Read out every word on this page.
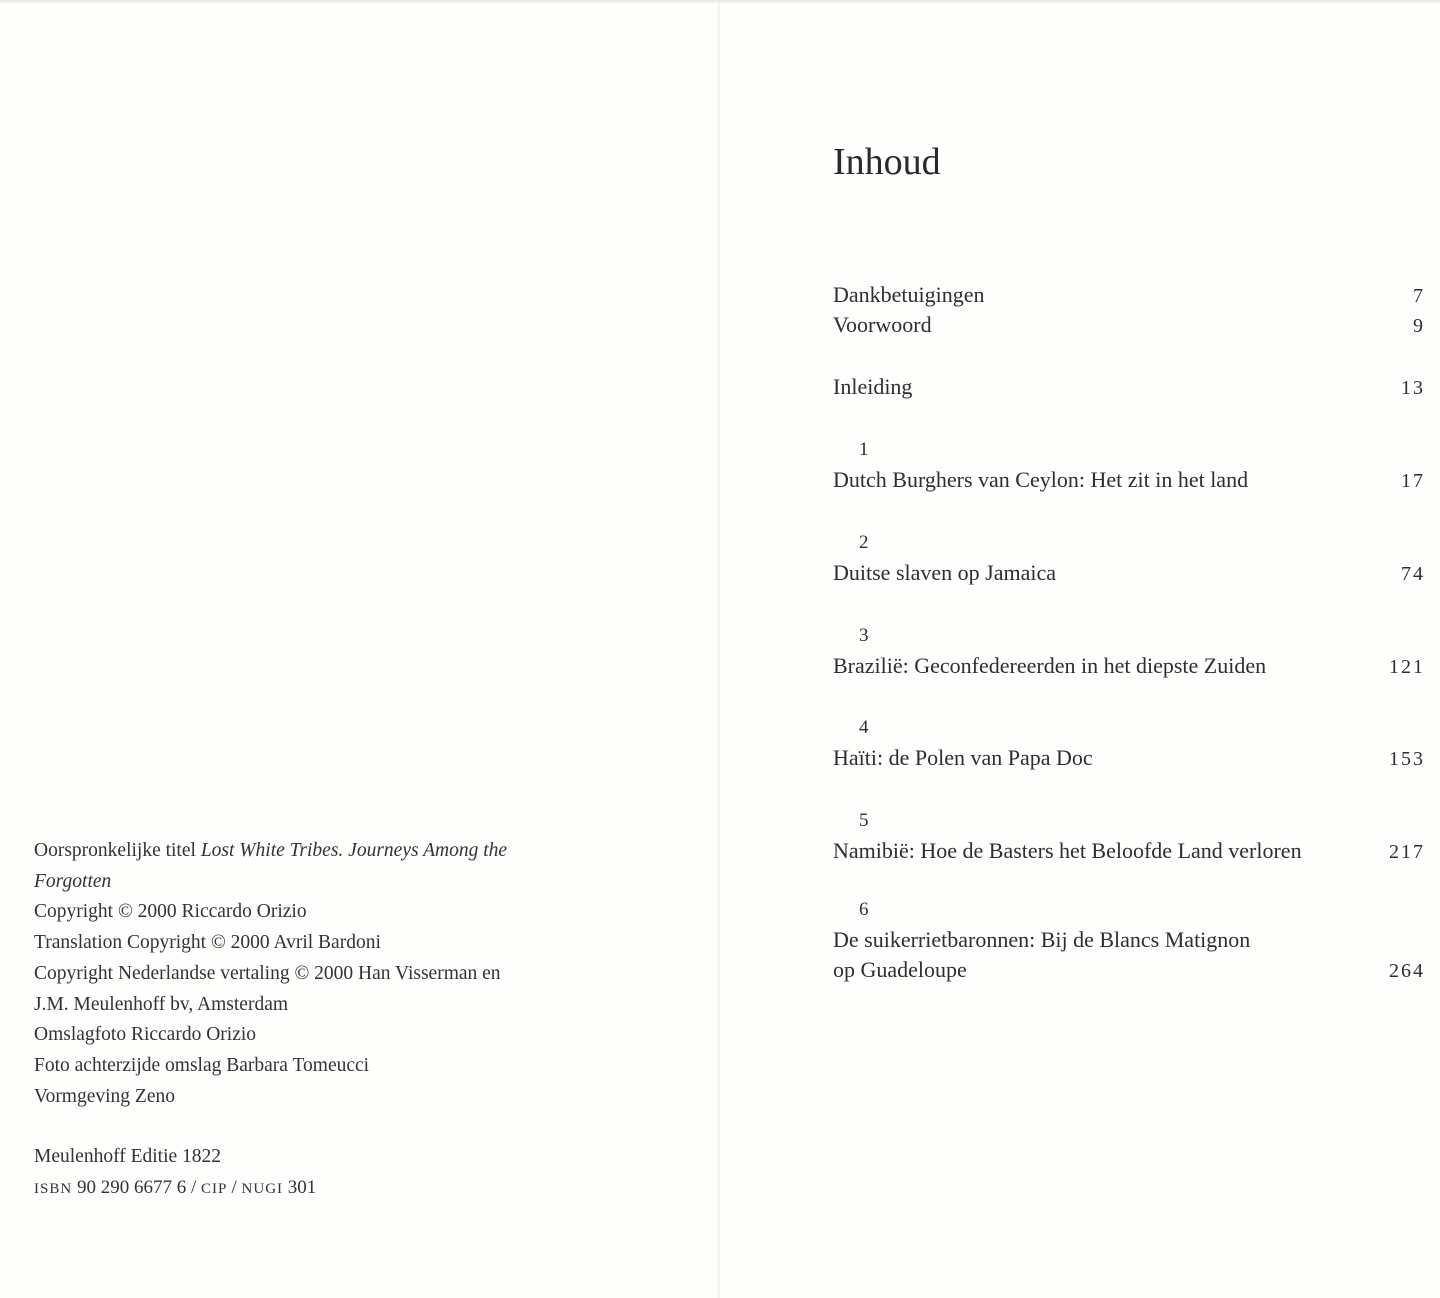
Oorspronkelijke titel Lost White Tribes. Journeys Among the
Forgotten
Copyright © 2000 Riccardo Orizio
Translation Copyright © 2000 Avril Bardoni
Copyright Nederlandse vertaling © 2000 Han Visserman en
J.M. Meulenhoff bv, Amsterdam
Omslagfoto Riccardo Orizio
Foto achterzijde omslag Barbara Tomeucci
Vormgeving Zeno
Meulenhoff Editie 1822
ISBN 90 290 6677 6 / CIP / NUGI 301
Inhoud
Dankbetuigingen	7
Voorwoord	9
Inleiding	13
1
Dutch Burghers van Ceylon: Het zit in het land	17
2
Duitse slaven op Jamaica	74
3
Brazilië: Geconfedereerden in het diepste Zuiden	121
4
Haïti: de Polen van Papa Doc	153
5
Namibië: Hoe de Basters het Beloofde Land verloren	217
6
De suikerrietbaronnen: Bij de Blancs Matignon
op Guadeloupe	264
